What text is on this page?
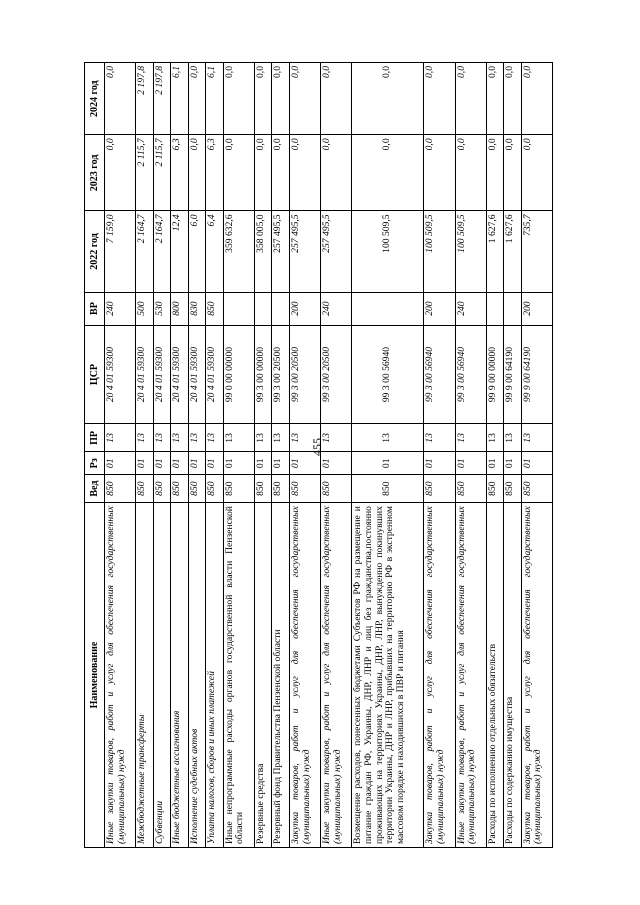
455
Наименование	Вед	Рз	ПР	ЦСР	ВР	2022 год	2023 год	2024 год
Иные закупки товаров, работ и услуг для обеспечения государственных (муниципальных) нужд	850	01	13	20 4 01 59300	240	7 159,0	0,0	0,0
Межбюджетные трансферты	850	01	13	20 4 01 59300	500	2 164,7	2 115,7	2 197,8
Субвенции	850	01	13	20 4 01 59300	530	2 164,7	2 115,7	2 197,8
Иные бюджетные ассигнования	850	01	13	20 4 01 59300	800	12,4	6,3	6,1
Исполнение судебных актов	850	01	13	20 4 01 59300	830	6,0	0,0	0,0
Уплата налогов, сборов и иных платежей	850	01	13	20 4 01 59300	850	6,4	6,3	6,1
Иные непрограммные расходы органов государственной власти Пензенской области	850	01	13	99 0 00 00000		359 632,6	0,0	0,0
Резервные средства	850	01	13	99 3 00 00000		358 005,0	0,0	0,0
Резервный фонд Правительства Пензенской области	850	01	13	99 3 00 20500		257 495,5	0,0	0,0
Закупка товаров, работ и услуг для обеспечения государственных (муниципальных) нужд	850	01	13	99 3 00 20500	200	257 495,5	0,0	0,0
Иные закупки товаров, работ и услуг для обеспечения государственных (муниципальных) нужд	850	01	13	99 3 00 20500	240	257 495,5	0,0	0,0
Возмещение расходов, понесенных бюджетами Субъектов РФ на размещение и питание граждан РФ, Украины, ДНР, ЛНР и лиц без гражданства,постоянно проживающих на территориях Украины, ДНР, ЛНР, вынужденно покинувших территории Украины, ДНР и ЛНР, прибывших на территорию РФ в экстренном массовом порядке и находившихся в ПВР и питания	850	01	13	99 3 00 56940		100 509,5	0,0	0,0
Закупка товаров, работ и услуг для обеспечения государственных (муниципальных) нужд	850	01	13	99 3 00 56940	200	100 509,5	0,0	0,0
Иные закупки товаров, работ и услуг для обеспечения государственных (муниципальных) нужд	850	01	13	99 3 00 56940	240	100 509,5	0,0	0,0
Расходы по исполнению отдельных обязательств	850	01	13	99 9 00 00000		1 627,6	0,0	0,0
Расходы по содержанию имущества	850	01	13	99 9 00 64190		1 627,6	0,0	0,0
Закупка товаров, работ и услуг для обеспечения государственных (муниципальных) нужд	850	01	13	99 9 00 64190	200	735,7	0,0	0,0
